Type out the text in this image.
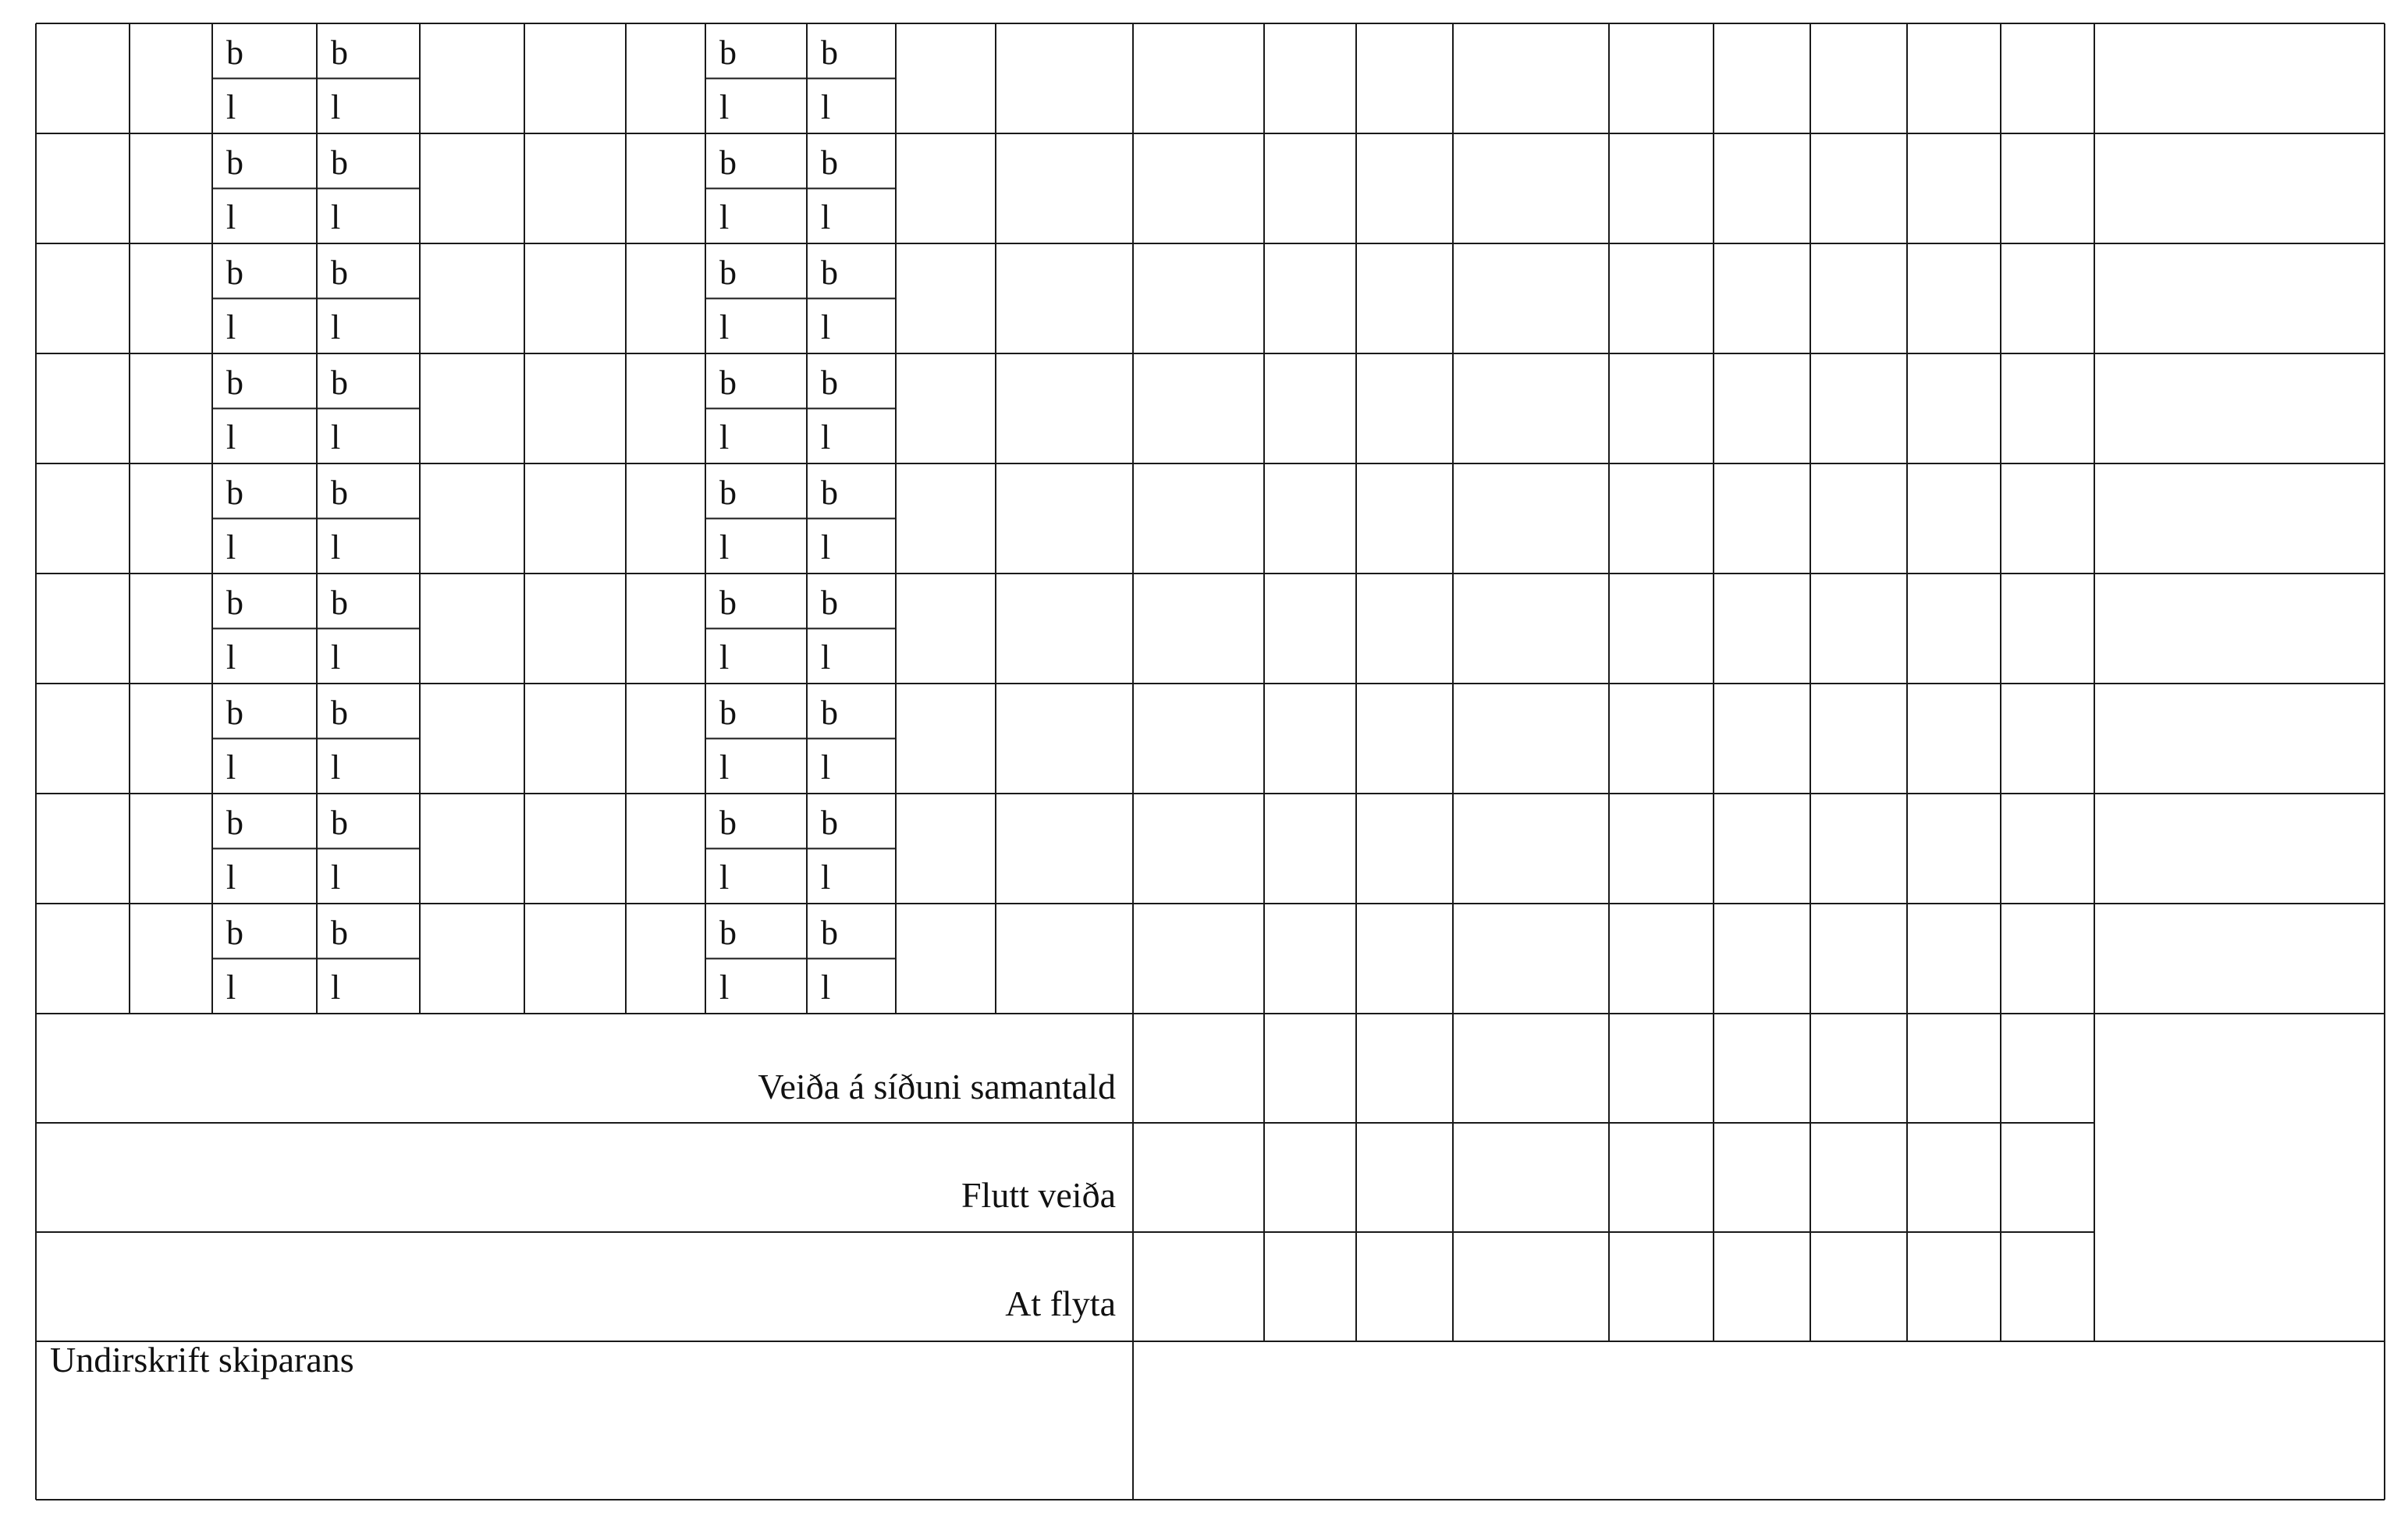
Veiða á síðuni samantald
Flutt veiða
At flyta
